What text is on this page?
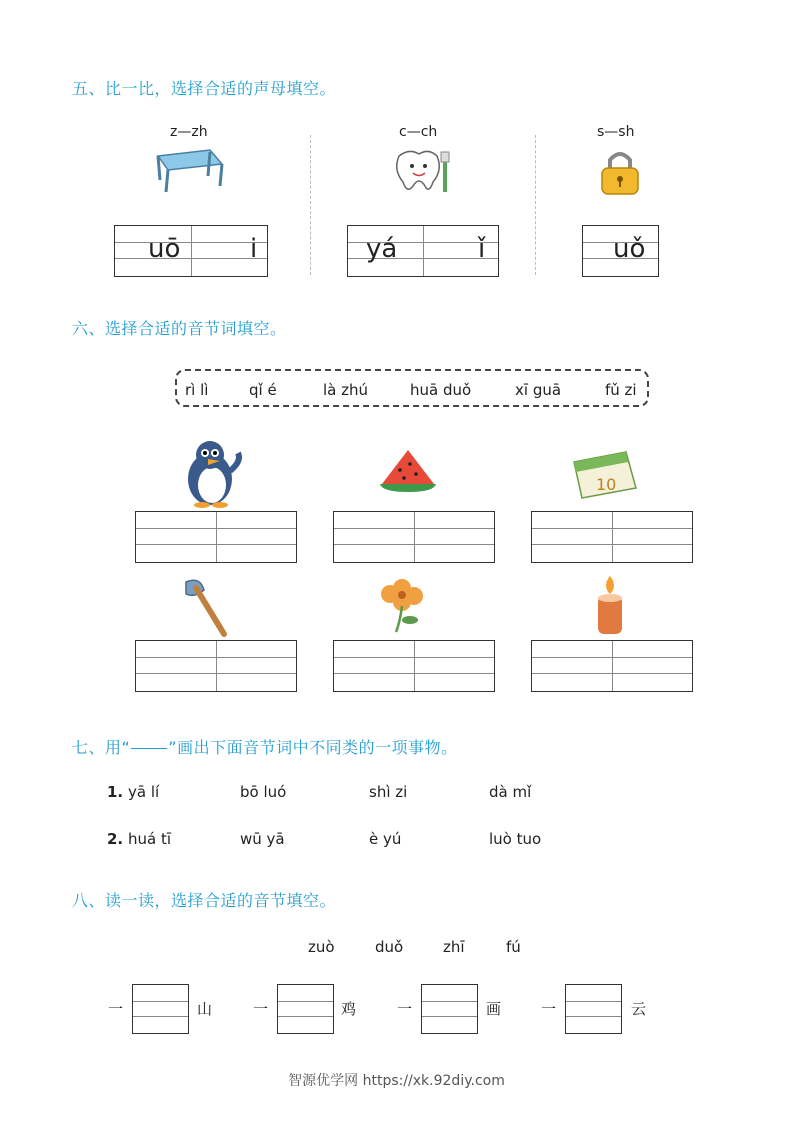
五、比一比，选择合适的声母填空。
z—zh	c—ch	s—sh
uō	i	yá	ǐ	uǒ
六、选择合适的音节词填空。
rì lì	qǐ é	là zhú	huā duǒ	xī guā	fǔ zi
10
七、用“ ”画出下面音节词中不同类的一项事物。
1. yā lí	bō luó	shì zi	dà mǐ
2. huá tī	wū yā	è yú	luò tuo
八、读一读，选择合适的音节填空。
zuò	duǒ	zhī	fú
一	山	一	鸡	一	画	一	云
智源优学网 https://xk.92diy.com
